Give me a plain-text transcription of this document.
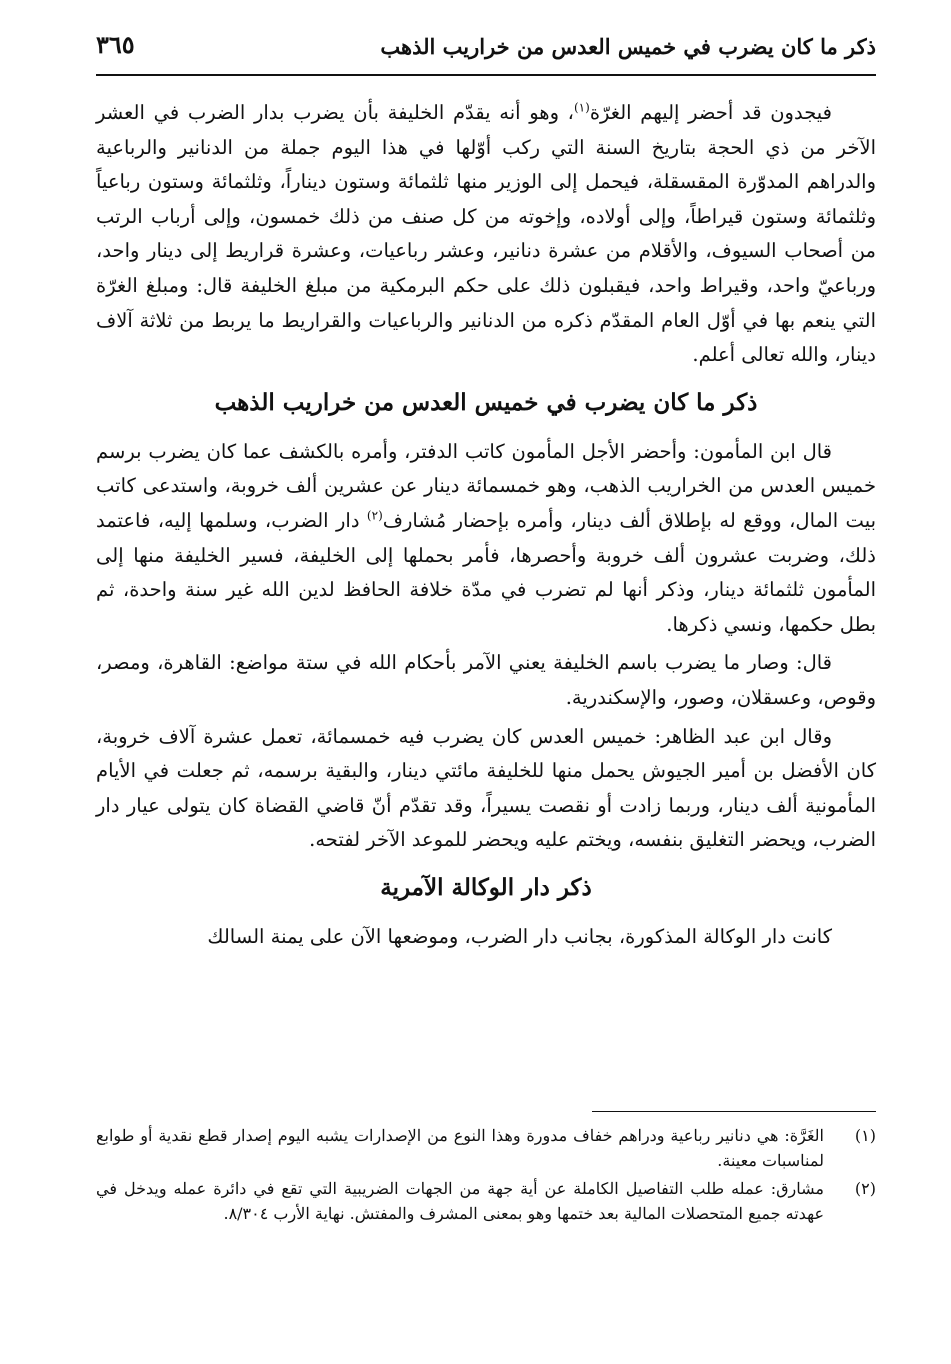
ذكر ما كان يضرب في خميس العدس من خراريب الذهب
٣٦٥

فيجدون قد أحضر إليهم الغرّة$^{(١)}$، وهو أنه يقدّم الخليفة بأن يضرب بدار الضرب في العشر الآخر من ذي الحجة بتاريخ السنة التي ركب أوّلها في هذا اليوم جملة من الدنانير والرباعية والدراهم المدوّرة المقسقلة، فيحمل إلى الوزير منها ثلثمائة وستون ديناراً، وثلثمائة وستون رباعياً وثلثمائة وستون قيراطاً، وإلى أولاده، وإخوته من كل صنف من ذلك خمسون، وإلى أرباب الرتب من أصحاب السيوف، والأقلام من عشرة دنانير، وعشر رباعيات، وعشرة قراريط إلى دينار واحد، ورباعيّ واحد، وقيراط واحد، فيقبلون ذلك على حكم البرمكية من مبلغ الخليفة قال: ومبلغ الغرّة التي ينعم بها في أوّل العام المقدّم ذكره من الدنانير والرباعيات والقراريط ما يربط من ثلاثة آلاف دينار، والله تعالى أعلم.

ذكر ما كان يضرب في خميس العدس من خراريب الذهب

قال ابن المأمون: وأحضر الأجل المأمون كاتب الدفتر، وأمره بالكشف عما كان يضرب برسم خميس العدس من الخراريب الذهب، وهو خمسمائة دينار عن عشرين ألف خروبة، واستدعى كاتب بيت المال، ووقع له بإطلاق ألف دينار، وأمره بإحضار مُشارف$^{(٢)}$ دار الضرب، وسلمها إليه، فاعتمد ذلك، وضربت عشرون ألف خروبة وأحصرها، فأمر بحملها إلى الخليفة، فسير الخليفة منها إلى المأمون ثلثمائة دينار، وذكر أنها لم تضرب في مدّة خلافة الحافظ لدين الله غير سنة واحدة، ثم بطل حكمها، ونسي ذكرها.

قال: وصار ما يضرب باسم الخليفة يعني الآمر بأحكام الله في ستة مواضع: القاهرة، ومصر، وقوص، وعسقلان، وصور، والإسكندرية.

وقال ابن عبد الظاهر: خميس العدس كان يضرب فيه خمسمائة، تعمل عشرة آلاف خروبة، كان الأفضل بن أمير الجيوش يحمل منها للخليفة مائتي دينار، والبقية برسمه، ثم جعلت في الأيام المأمونية ألف دينار، وربما زادت أو نقصت يسيراً، وقد تقدّم أنّ قاضي القضاة كان يتولى عيار دار الضرب، ويحضر التغليق بنفسه، ويختم عليه ويحضر للموعد الآخر لفتحه.

ذكر دار الوكالة الآمرية

كانت دار الوكالة المذكورة، بجانب دار الضرب، وموضعها الآن على يمنة السالك

(١)
الغَرَّة: هي دنانير رباعية ودراهم خفاف مدورة وهذا النوع من الإصدارات يشبه اليوم إصدار قطع نقدية أو طوابع لمناسبات معينة.
(٢)
مشارق: عمله طلب التفاصيل الكاملة عن أية جهة من الجهات الضريبية التي تقع في دائرة عمله ويدخل في عهدته جميع المتحصلات المالية بعد ختمها وهو بمعنى المشرف والمفتش. نهاية الأرب ٨/٣٠٤.
